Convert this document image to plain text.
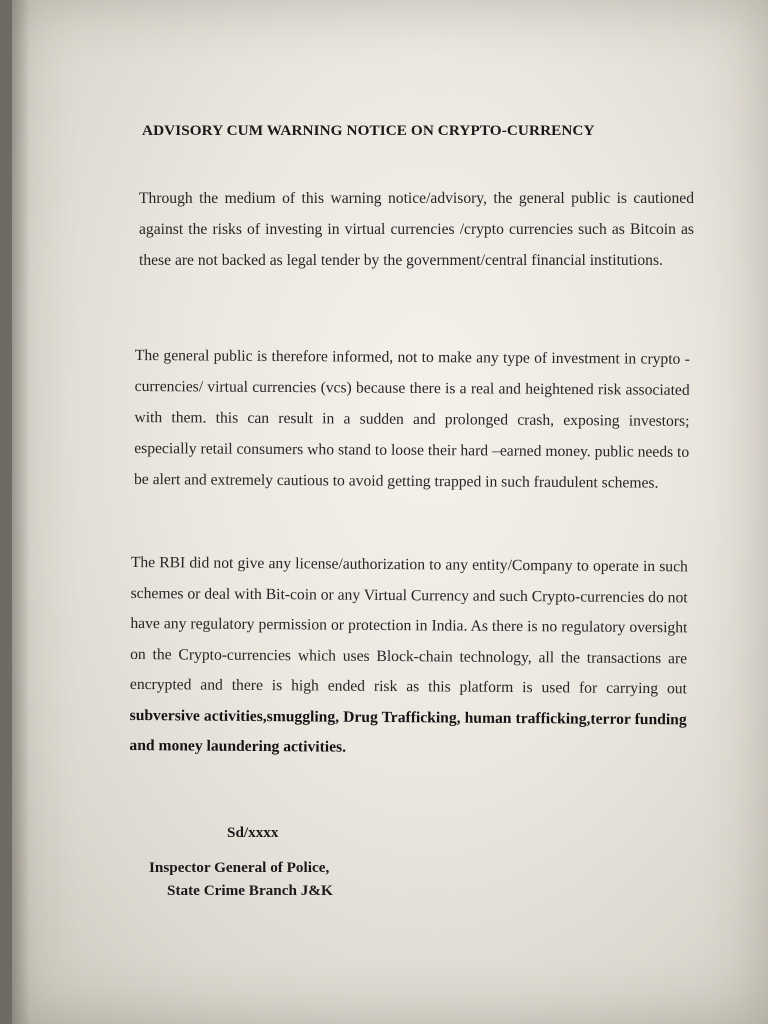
ADVISORY CUM WARNING NOTICE ON CRYPTO-CURRENCY
Through the medium of this warning notice/advisory, the general public is cautioned against the risks of investing in virtual currencies /crypto currencies such as Bitcoin as these are not backed as legal tender by the government/central financial institutions.
The general public is therefore informed, not to make any type of investment in crypto - currencies/ virtual currencies (vcs) because there is a real and heightened risk associated with them. this can result in a sudden and prolonged crash, exposing investors; especially retail consumers who stand to loose their hard –earned money. public needs to be alert and extremely cautious to avoid getting trapped in such fraudulent schemes.
The RBI did not give any license/authorization to any entity/Company to operate in such schemes or deal with Bit-coin or any Virtual Currency and such Crypto-currencies do not have any regulatory permission or protection in India. As there is no regulatory oversight on the Crypto-currencies which uses Block-chain technology, all the transactions are encrypted and there is high ended risk as this platform is used for carrying out subversive activities,smuggling, Drug Trafficking, human trafficking,terror funding and money laundering activities.
Sd/xxxx
Inspector General of Police,
State Crime Branch J&K
